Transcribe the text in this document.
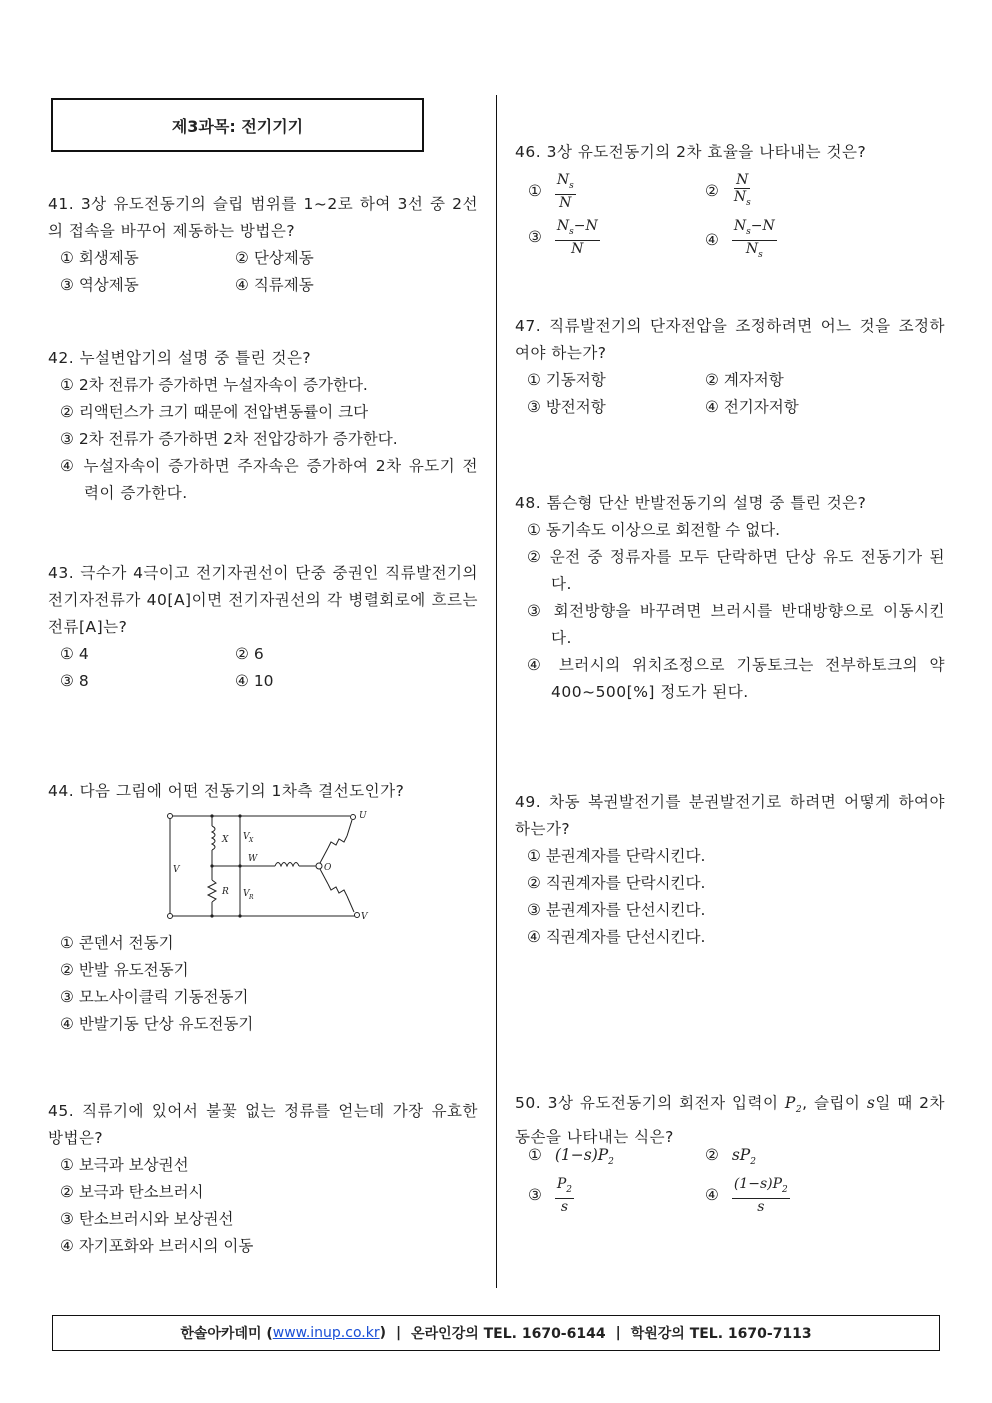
제3과목: 전기기기
41. 3상 유도전동기의 슬립 범위를 1~2로 하여 3선 중 2선의 접속을 바꾸어 제동하는 방법은?
① 회생제동	② 단상제동
③ 역상제동	④ 직류제동
42. 누설변압기의 설명 중 틀린 것은?
① 2차 전류가 증가하면 누설자속이 증가한다.
② 리액턴스가 크기 때문에 전압변동률이 크다
③ 2차 전류가 증가하면 2차 전압강하가 증가한다.
④ 누설자속이 증가하면 주자속은 증가하여 2차 유도기 전력이 증가한다.
43. 극수가 4극이고 전기자권선이 단중 중권인 직류발전기의 전기자전류가 40[A]이면 전기자권선의 각 병렬회로에 흐르는 전류[A]는?
① 4	② 6
③ 8	④ 10
44. 다음 그림에 어떤 전동기의 1차측 결선도인가?
V
X
R
V X
V R
W
O
U
V
① 콘덴서 전동기
② 반발 유도전동기
③ 모노사이클릭 기동전동기
④ 반발기동 단상 유도전동기
45. 직류기에 있어서 불꽃 없는 정류를 얻는데 가장 유효한 방법은?
① 보극과 보상권선
② 보극과 탄소브러시
③ 탄소브러시와 보상권선
④ 자기포화와 브러시의 이동
46. 3상 유도전동기의 2차 효율을 나타내는 것은?
① $\frac{N_s}{N}$	② $\frac{N}{N_s}$
③ $\frac{N_s-N}{N}$	④ $\frac{N_s-N}{N_s}$
47. 직류발전기의 단자전압을 조정하려면 어느 것을 조정하여야 하는가?
① 기동저항	② 계자저항
③ 방전저항	④ 전기자저항
48. 톰슨형 단산 반발전동기의 설명 중 틀린 것은?
① 동기속도 이상으로 회전할 수 없다.
② 운전 중 정류자를 모두 단락하면 단상 유도 전동기가 된다.
③ 회전방향을 바꾸려면 브러시를 반대방향으로 이동시킨다.
④ 브러시의 위치조정으로 기동토크는 전부하토크의 약 400~500[%] 정도가 된다.
49. 차동 복권발전기를 분권발전기로 하려면 어떻게 하여야 하는가?
① 분권계자를 단락시킨다.
② 직권계자를 단락시킨다.
③ 분권계자를 단선시킨다.
④ 직권계자를 단선시킨다.
50. 3상 유도전동기의 회전자 입력이 $P_2$, 슬립이 s일 때 2차 동손을 나타내는 식은?
① $(1-s)P_2$	② $sP_2$
③ $\frac{P_2}{s}$	④ $\frac{(1-s)P_2}{s}$
한솔아카데미 ( www.inup.co.kr ) | 온라인강의 TEL. 1670-6144 | 학원강의 TEL. 1670-7113
